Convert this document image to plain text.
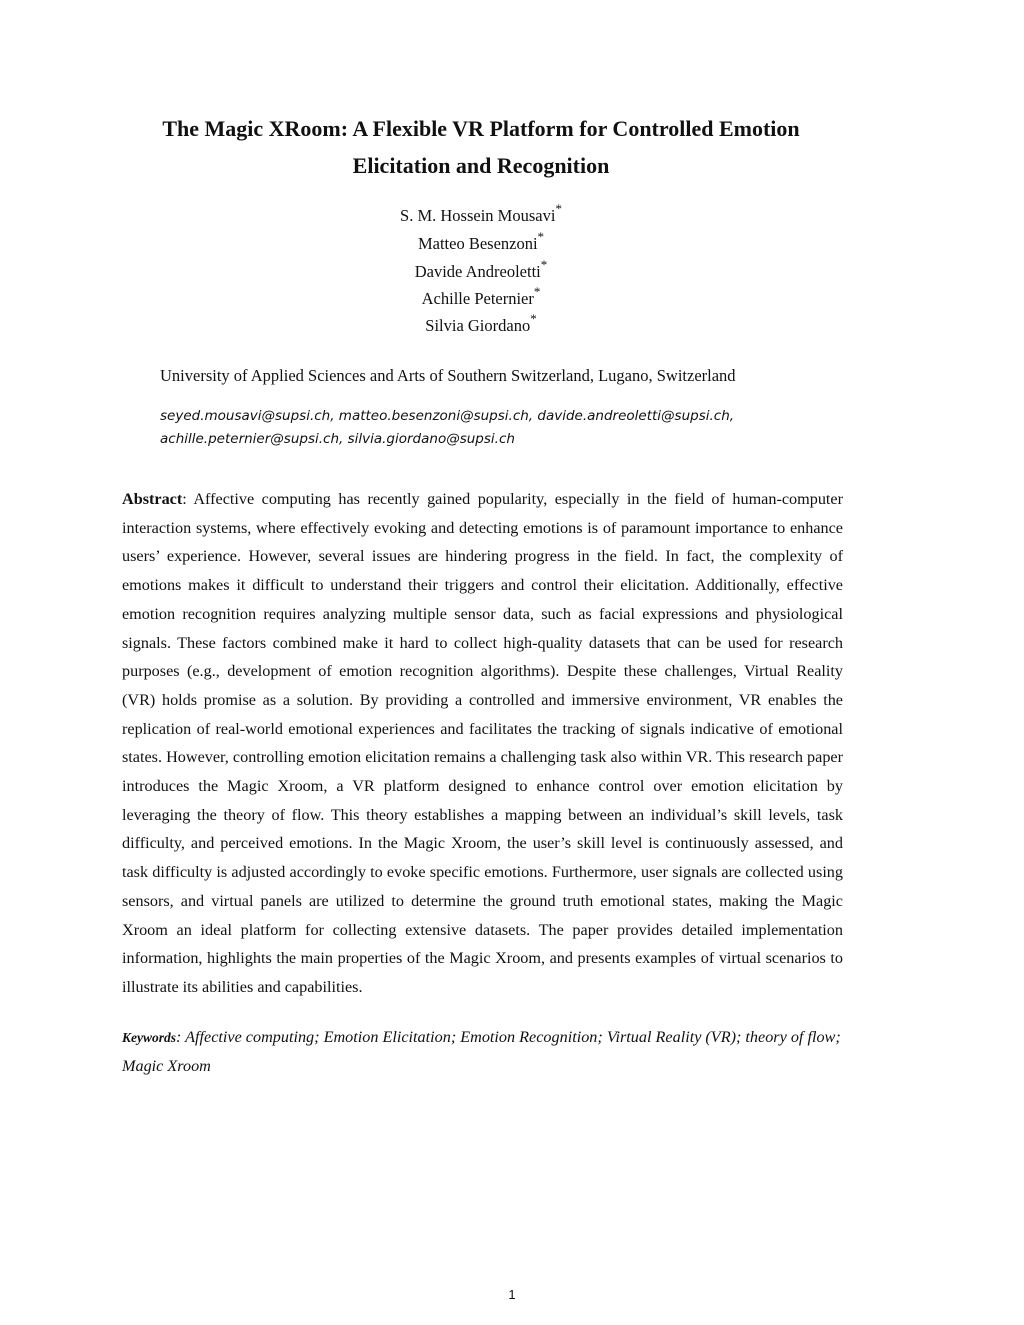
The Magic XRoom: A Flexible VR Platform for Controlled Emotion
Elicitation and Recognition
S. M. Hossein Mousavi*
Matteo Besenzoni*
Davide Andreoletti*
Achille Peternier*
Silvia Giordano*
University of Applied Sciences and Arts of Southern Switzerland, Lugano, Switzerland
seyed.mousavi@supsi.ch, matteo.besenzoni@supsi.ch, davide.andreoletti@supsi.ch,
achille.peternier@supsi.ch, silvia.giordano@supsi.ch

Abstract: Affective computing has recently gained popularity, especially in the field of human-computer interaction systems, where effectively evoking and detecting emotions is of paramount importance to enhance users’ experience. However, several issues are hindering progress in the field. In fact, the complexity of emotions makes it difficult to understand their triggers and control their elicitation. Additionally, effective emotion recognition requires analyzing multiple sensor data, such as facial expressions and physiological signals. These factors combined make it hard to collect high-quality datasets that can be used for research purposes (e.g., development of emotion recognition algorithms). Despite these challenges, Virtual Reality (VR) holds promise as a solution. By providing a controlled and immersive environment, VR enables the replication of real-world emotional experiences and facilitates the tracking of signals indicative of emotional states. However, controlling emotion elicitation remains a challenging task also within VR. This research paper introduces the Magic Xroom, a VR platform designed to enhance control over emotion elicitation by leveraging the theory of flow. This theory establishes a mapping between an individual’s skill levels, task difficulty, and perceived emotions. In the Magic Xroom, the user’s skill level is continuously assessed, and task difficulty is adjusted accordingly to evoke specific emotions. Furthermore, user signals are collected using sensors, and virtual panels are utilized to determine the ground truth emotional states, making the Magic Xroom an ideal platform for collecting extensive datasets. The paper provides detailed implementation information, highlights the main properties of the Magic Xroom, and presents examples of virtual scenarios to illustrate its abilities and capabilities.

Keywords: Affective computing; Emotion Elicitation; Emotion Recognition; Virtual Reality (VR); theory of flow; Magic Xroom

1
